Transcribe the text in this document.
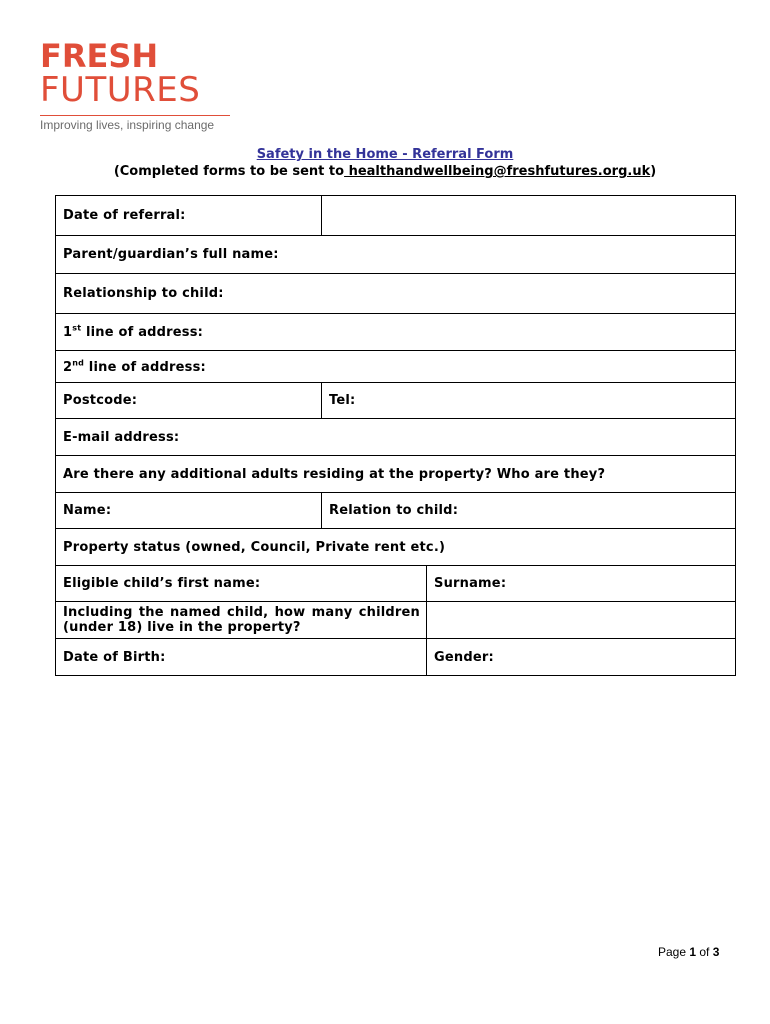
FRESH
FUTURES
Improving lives, inspiring change
Safety in the Home - Referral Form
(Completed forms to be sent to healthandwellbeing@freshfutures.org.uk)
Date of referral:		
Parent/guardian’s full name:		
Relationship to child:		
1st line of address:		
2nd line of address:		
Postcode:	Tel:	
E-mail address:		
Are there any additional adults residing at the property? Who are they?		
Name:	Relation to child:	
Property status (owned, Council, Private rent etc.)		
Eligible child’s first name:		Surname:

Including the named child, how many children (under 18) live in the property?		

Date of Birth:		Gender:
Page 1 of 3
